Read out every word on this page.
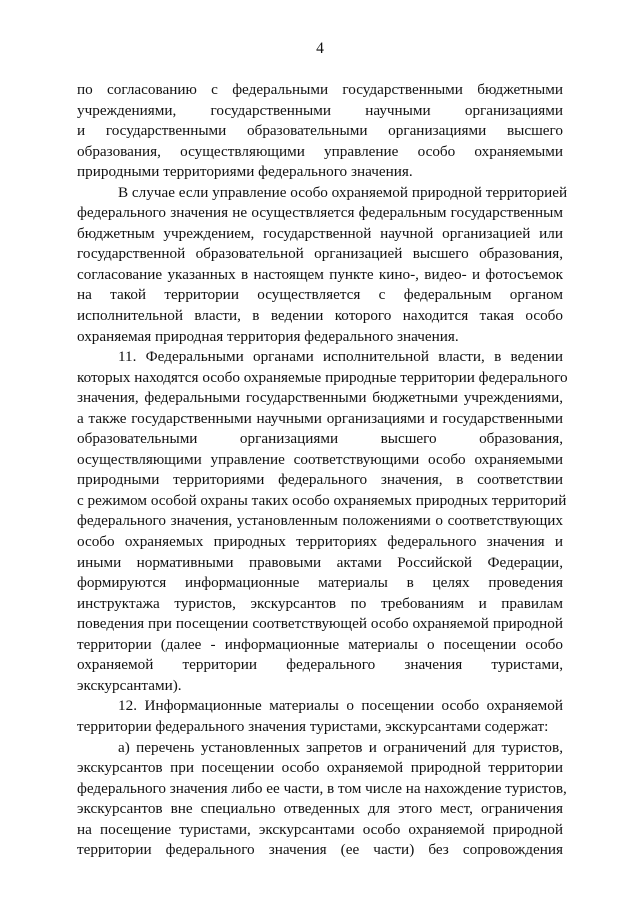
4
по согласованию с федеральными государственными бюджетными
учреждениями, государственными научными организациями
и государственными образовательными организациями высшего
образования, осуществляющими управление особо охраняемыми
природными территориями федерального значения.
В случае если управление особо охраняемой природной территорией
федерального значения не осуществляется федеральным государственным
бюджетным учреждением, государственной научной организацией или
государственной образовательной организацией высшего образования,
согласование указанных в настоящем пункте кино-, видео- и фотосъемок
на такой территории осуществляется с федеральным органом
исполнительной власти, в ведении которого находится такая особо
охраняемая природная территория федерального значения.
11. Федеральными органами исполнительной власти, в ведении
которых находятся особо охраняемые природные территории федерального
значения, федеральными государственными бюджетными учреждениями,
а также государственными научными организациями и государственными
образовательными организациями высшего образования,
осуществляющими управление соответствующими особо охраняемыми
природными территориями федерального значения, в соответствии
с режимом особой охраны таких особо охраняемых природных территорий
федерального значения, установленным положениями о соответствующих
особо охраняемых природных территориях федерального значения и
иными нормативными правовыми актами Российской Федерации,
формируются информационные материалы в целях проведения
инструктажа туристов, экскурсантов по требованиям и правилам
поведения при посещении соответствующей особо охраняемой природной
территории (далее - информационные материалы о посещении особо
охраняемой территории федерального значения туристами,
экскурсантами).
12. Информационные материалы о посещении особо охраняемой
территории федерального значения туристами, экскурсантами содержат:
а) перечень установленных запретов и ограничений для туристов,
экскурсантов при посещении особо охраняемой природной территории
федерального значения либо ее части, в том числе на нахождение туристов,
экскурсантов вне специально отведенных для этого мест, ограничения
на посещение туристами, экскурсантами особо охраняемой природной
территории федерального значения (ее части) без сопровождения
